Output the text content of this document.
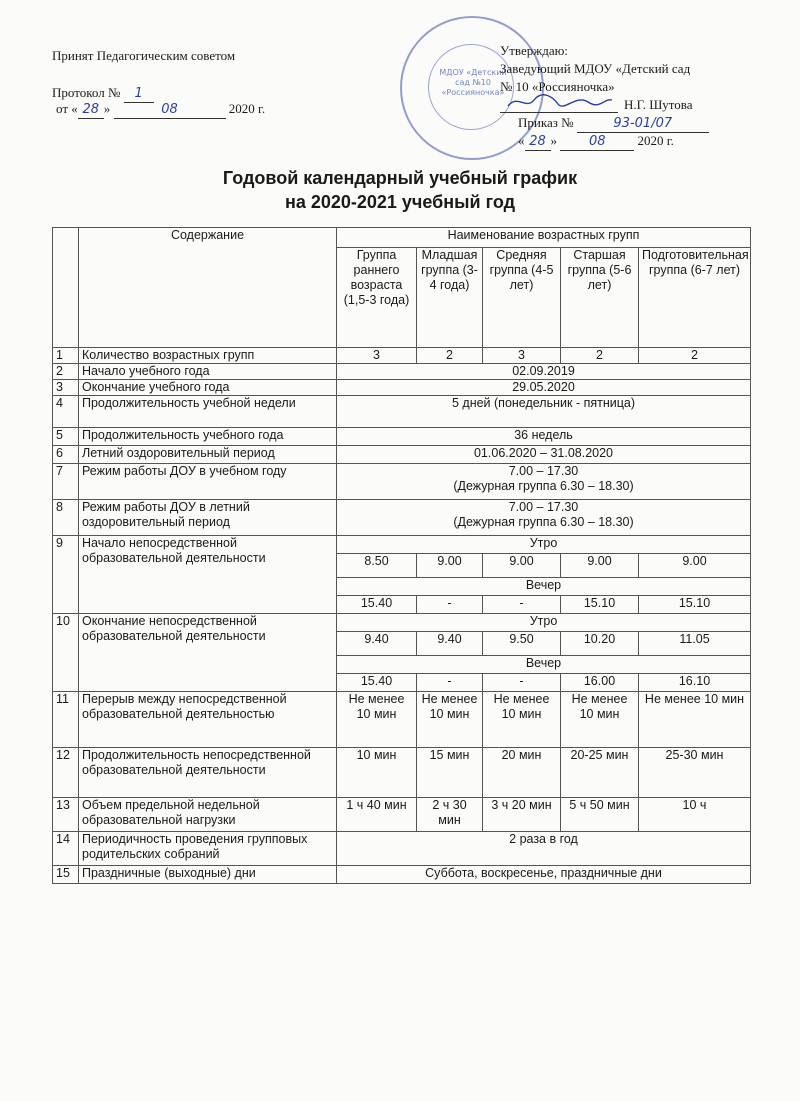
Принят Педагогическим советом
Протокол № 1
от « 28 »	08	2020 г.
МДОУ «Детский сад №10 «Россияночка»
Утверждаю:
Заведующий МДОУ «Детский сад
№ 10 «Россияночка»
Н.Г. Шутова
Приказ №	93-01/07
« 28 » 08 2020 г.
Годовой календарный учебный график
на 2020-2021 учебный год
	Содержание	Наименование возрастных групп				
		Группа раннего возраста (1,5-3 года)	Младшая группа (3-4 года)	Средняя группа (4-5 лет)	Старшая группа (5-6 лет)	Подготовительная группа (6-7 лет)
1	Количество возрастных групп	3	2	3	2	2
2	Начало учебного года	02.09.2019				
3	Окончание учебного года	29.05.2020				
4	Продолжительность учебной недели	5 дней (понедельник - пятница)				
5	Продолжительность учебного года	36 недель				
6	Летний оздоровительный период	01.06.2020 – 31.08.2020				
7	Режим работы ДОУ в учебном году	7.00 – 17.30
(Дежурная группа 6.30 – 18.30)				

8	Режим работы ДОУ в летний оздоровительный период	7.00 – 17.30
(Дежурная группа 6.30 – 18.30)				

9	Начало непосредственной образовательной деятельности	Утро				
		8.50	9.00	9.00	9.00	9.00
		Вечер				
		15.40	-	-	15.10	15.10
10	Окончание непосредственной образовательной деятельности	Утро				
		9.40	9.40	9.50	10.20	11.05
		Вечер				
		15.40	-	-	16.00	16.10
11	Перерыв между непосредственной образовательной деятельностью	Не менее 10 мин	Не менее 10 мин	Не менее 10 мин	Не менее 10 мин	Не менее 10 мин
12	Продолжительность непосредственной образовательной деятельности	10 мин	15 мин	20 мин	20-25 мин	25-30 мин
13	Объем предельной недельной образовательной нагрузки	1 ч 40 мин	2 ч 30 мин	3 ч 20 мин	5 ч 50 мин	10 ч
14	Периодичность проведения групповых родительских собраний	2 раза в год				
15	Праздничные (выходные) дни	Суббота, воскресенье, праздничные дни				
